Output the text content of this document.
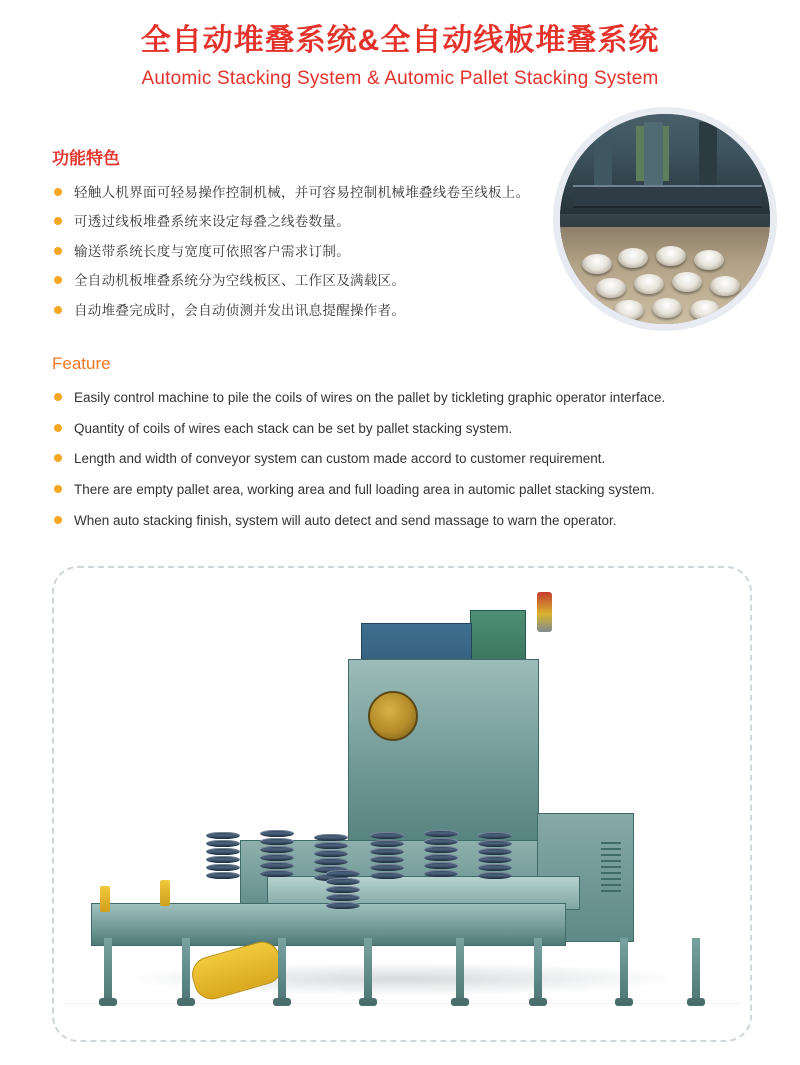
全自动堆叠系统&全自动线板堆叠系统
Automic Stacking System & Automic Pallet Stacking System
功能特色
轻触人机界面可轻易操作控制机械，并可容易控制机械堆叠线卷至线板上。
可透过线板堆叠系统来设定每叠之线卷数量。
输送带系统长度与宽度可依照客户需求订制。
全自动机板堆叠系统分为空线板区、工作区及满载区。
自动堆叠完成时，会自动侦测并发出讯息提醒操作者。
Feature
Easily control machine to pile the coils of wires on the pallet by tickleting graphic operator interface.
Quantity of coils of wires each stack can be set by pallet stacking system.
Length and width of conveyor system can custom made accord to customer requirement.
There are empty pallet area, working area and full loading area in automic pallet stacking system.
When auto stacking finish, system will auto detect and send massage to warn the operator.
